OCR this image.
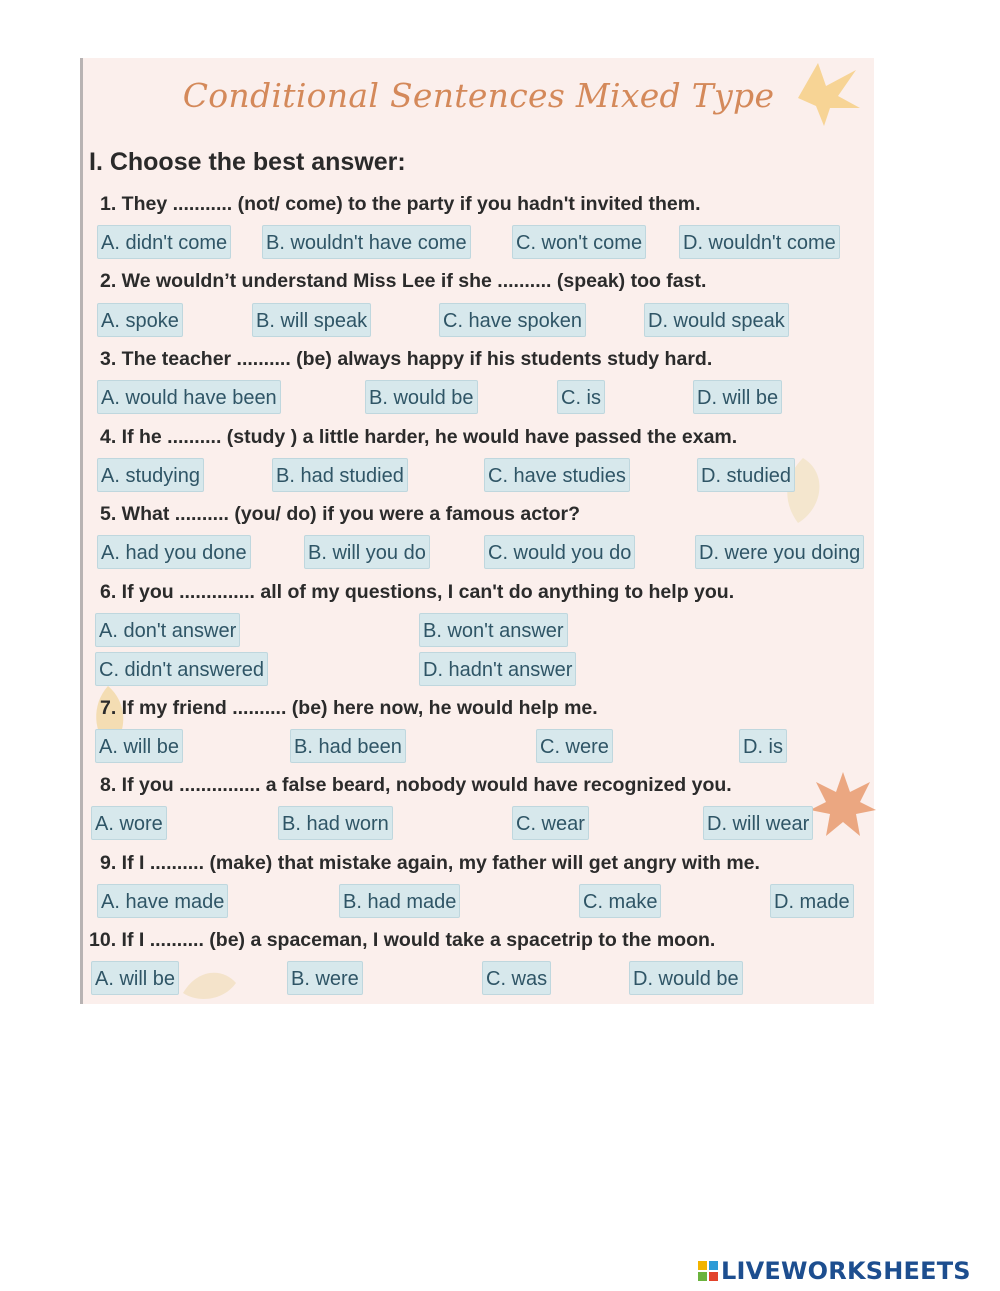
Conditional Sentences Mixed Type
I. Choose the best answer:
1. They ........... (not/ come) to the party if you hadn't invited them.
A. didn't come B. wouldn't have come C. won't come D. wouldn't come
2. We wouldn’t understand Miss Lee if she .......... (speak) too fast.
A. spoke	B. will speak	C. have spoken	D. would speak
3. The teacher .......... (be) always happy if his students study hard.
A. would have been	B. would be	C. is	D. will be
4. If he .......... (study ) a little harder, he would have passed the exam.
A. studying	B. had studied	C. have studies	D. studied
5. What .......... (you/ do) if you were a famous actor?
A. had you done	B. will you do	C. would you do	D. were you doing
6. If you .............. all of my questions, I can't do anything to help you.
A. don't answer	B. won't answer
C. didn't answered	D. hadn't answer
7. If my friend .......... (be) here now, he would help me.
A. will be	B. had been	C. were	D. is
8. If you ............... a false beard, nobody would have recognized you.
A. wore	B. had worn	C. wear	D. will wear
9. If I .......... (make) that mistake again, my father will get angry with me.
A. have made	B. had made	C. make	D. made
10. If I .......... (be) a spaceman, I would take a spacetrip to the moon.
A. will be	B. were	C. was	D. would be
LIVEWORKSHEETS
